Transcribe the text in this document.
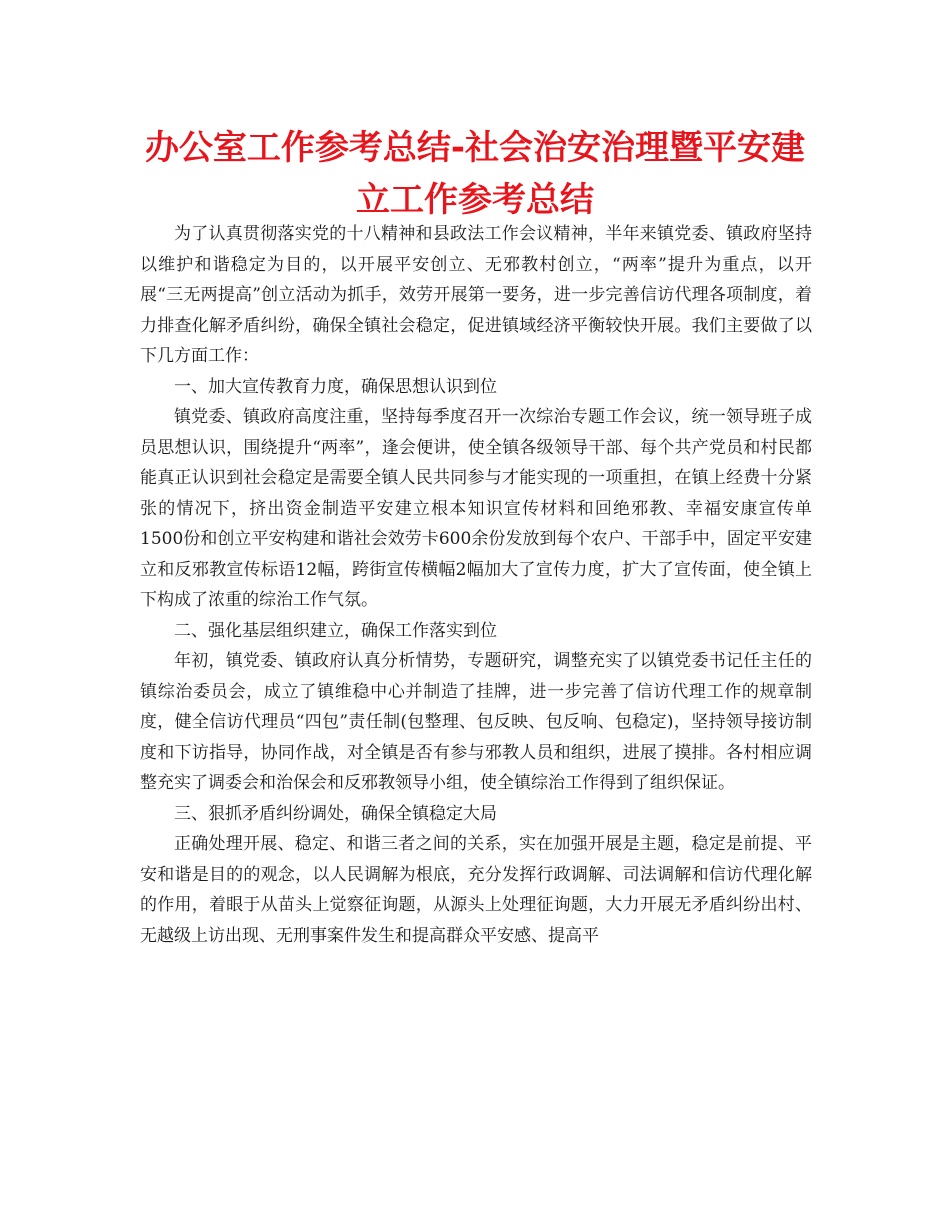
办公室工作参考总结-社会治安治理暨平安建立工作参考总结

为了认真贯彻落实党的十八精神和县政法工作会议精神，半年来镇党委、镇政府坚持以维护和谐稳定为目的，以开展平安创立、无邪教村创立，“两率”提升为重点，以开展“三无两提高”创立活动为抓手，效劳开展第一要务，进一步完善信访代理各项制度，着力排查化解矛盾纠纷，确保全镇社会稳定，促进镇域经济平衡较快开展。我们主要做了以下几方面工作：

一、加大宣传教育力度，确保思想认识到位

镇党委、镇政府高度注重，坚持每季度召开一次综治专题工作会议，统一领导班子成员思想认识，围绕提升“两率”，逢会便讲，使全镇各级领导干部、每个共产党员和村民都能真正认识到社会稳定是需要全镇人民共同参与才能实现的一项重担，在镇上经费十分紧张的情况下，挤出资金制造平安建立根本知识宣传材料和回绝邪教、幸福安康宣传单1500份和创立平安构建和谐社会效劳卡600余份发放到每个农户、干部手中，固定平安建立和反邪教宣传标语12幅，跨街宣传横幅2幅加大了宣传力度，扩大了宣传面，使全镇上下构成了浓重的综治工作气氛。

二、强化基层组织建立，确保工作落实到位

年初，镇党委、镇政府认真分析情势，专题研究，调整充实了以镇党委书记任主任的镇综治委员会，成立了镇维稳中心并制造了挂牌，进一步完善了信访代理工作的规章制度，健全信访代理员“四包”责任制(包整理、包反映、包反响、包稳定)，坚持领导接访制度和下访指导，协同作战，对全镇是否有参与邪教人员和组织，进展了摸排。各村相应调整充实了调委会和治保会和反邪教领导小组，使全镇综治工作得到了组织保证。

三、狠抓矛盾纠纷调处，确保全镇稳定大局

正确处理开展、稳定、和谐三者之间的关系，实在加强开展是主题，稳定是前提、平安和谐是目的的观念，以人民调解为根底，充分发挥行政调解、司法调解和信访代理化解的作用，着眼于从苗头上觉察征询题，从源头上处理征询题，大力开展无矛盾纠纷出村、无越级上访出现、无刑事案件发生和提高群众平安感、提高平
